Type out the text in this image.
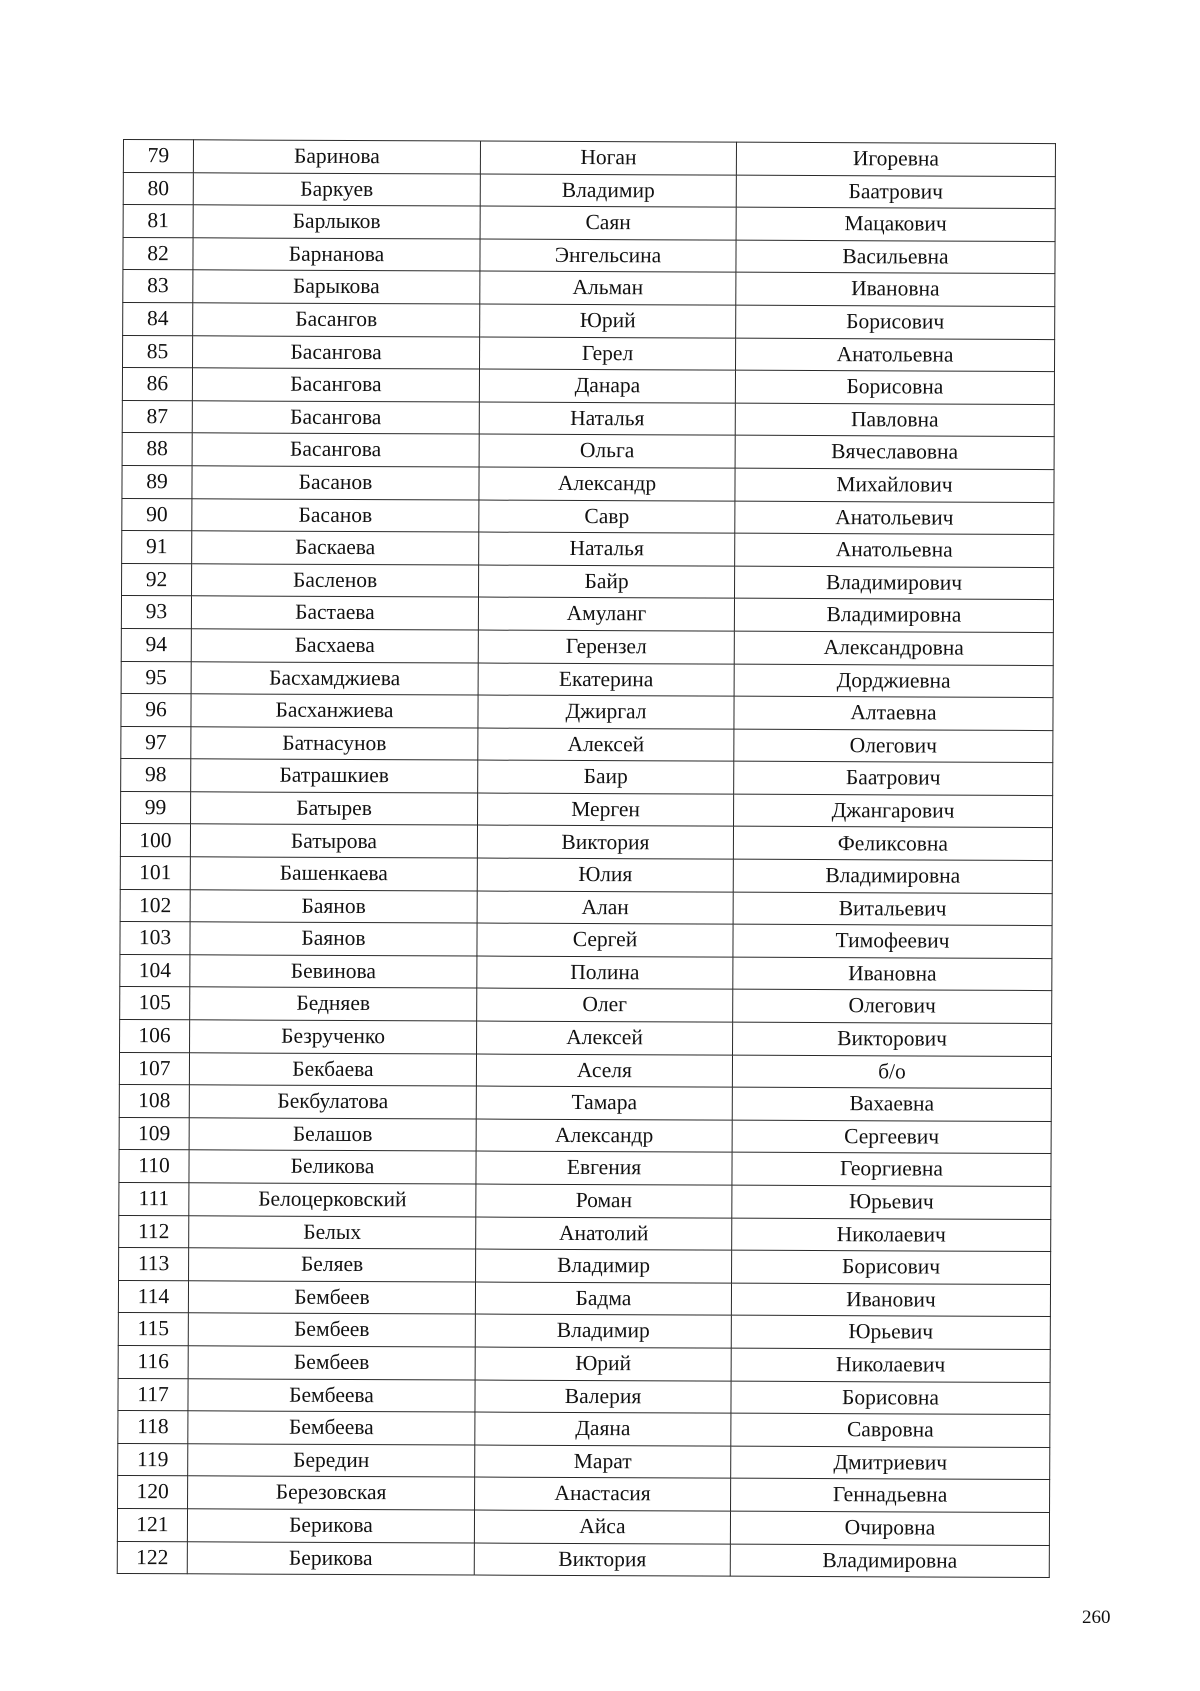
79	Баринова	Ноган	Игоревна
80	Баркуев	Владимир	Баатрович
81	Барлыков	Саян	Мацакович
82	Барнанова	Энгельсина	Васильевна
83	Барыкова	Альман	Ивановна
84	Басангов	Юрий	Борисович
85	Басангова	Герел	Анатольевна
86	Басангова	Данара	Борисовна
87	Басангова	Наталья	Павловна
88	Басангова	Ольга	Вячеславовна
89	Басанов	Александр	Михайлович
90	Басанов	Савр	Анатольевич
91	Баскаева	Наталья	Анатольевна
92	Басленов	Байр	Владимирович
93	Бастаева	Амуланг	Владимировна
94	Басхаева	Герензел	Александровна
95	Басхамджиева	Екатерина	Дорджиевна
96	Басханжиева	Джиргал	Алтаевна
97	Батнасунов	Алексей	Олегович
98	Батрашкиев	Баир	Баатрович
99	Батырев	Мерген	Джангарович
100	Батырова	Виктория	Феликсовна
101	Башенкаева	Юлия	Владимировна
102	Баянов	Алан	Витальевич
103	Баянов	Сергей	Тимофеевич
104	Бевинова	Полина	Ивановна
105	Бедняев	Олег	Олегович
106	Безрученко	Алексей	Викторович
107	Бекбаева	Аселя	б/о
108	Бекбулатова	Тамара	Вахаевна
109	Белашов	Александр	Сергеевич
110	Беликова	Евгения	Георгиевна
111	Белоцерковский	Роман	Юрьевич
112	Белых	Анатолий	Николаевич
113	Беляев	Владимир	Борисович
114	Бембеев	Бадма	Иванович
115	Бембеев	Владимир	Юрьевич
116	Бембеев	Юрий	Николаевич
117	Бембеева	Валерия	Борисовна
118	Бембеева	Даяна	Савровна
119	Берeдин	Марат	Дмитриевич
120	Березовская	Анастасия	Геннадьевна
121	Берикова	Айса	Очировна
122	Берикова	Виктория	Владимировна
260
